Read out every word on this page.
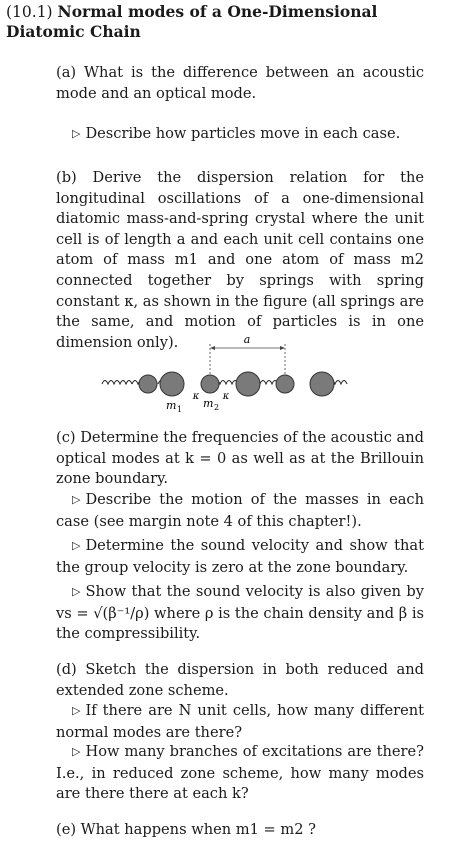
(10.1) Normal modes of a One-Dimensional Diatomic Chain
(a) What is the difference between an acoustic mode and an optical mode.
▷ Describe how particles move in each case.
(b) Derive the dispersion relation for the longitudinal oscillations of a one-dimensional diatomic mass-and-spring crystal where the unit cell is of length a and each unit cell contains one atom of mass m1 and one atom of mass m2 connected together by springs with spring constant κ, as shown in the figure (all springs are the same, and motion of particles is in one dimension only).	a
κ κ
m 1 m 2
(c) Determine the frequencies of the acoustic and optical modes at k = 0 as well as at the Brillouin zone boundary.
▷ Describe the motion of the masses in each case (see margin note 4 of this chapter!).
▷ Determine the sound velocity and show that the group velocity is zero at the zone boundary.
▷ Show that the sound velocity is also given by vs = √(β⁻¹/ρ) where ρ is the chain density and β is the compressibility.
(d) Sketch the dispersion in both reduced and extended zone scheme.
▷ If there are N unit cells, how many different normal modes are there?
▷ How many branches of excitations are there? I.e., in reduced zone scheme, how many modes are there there at each k?
(e) What happens when m1 = m2 ?
